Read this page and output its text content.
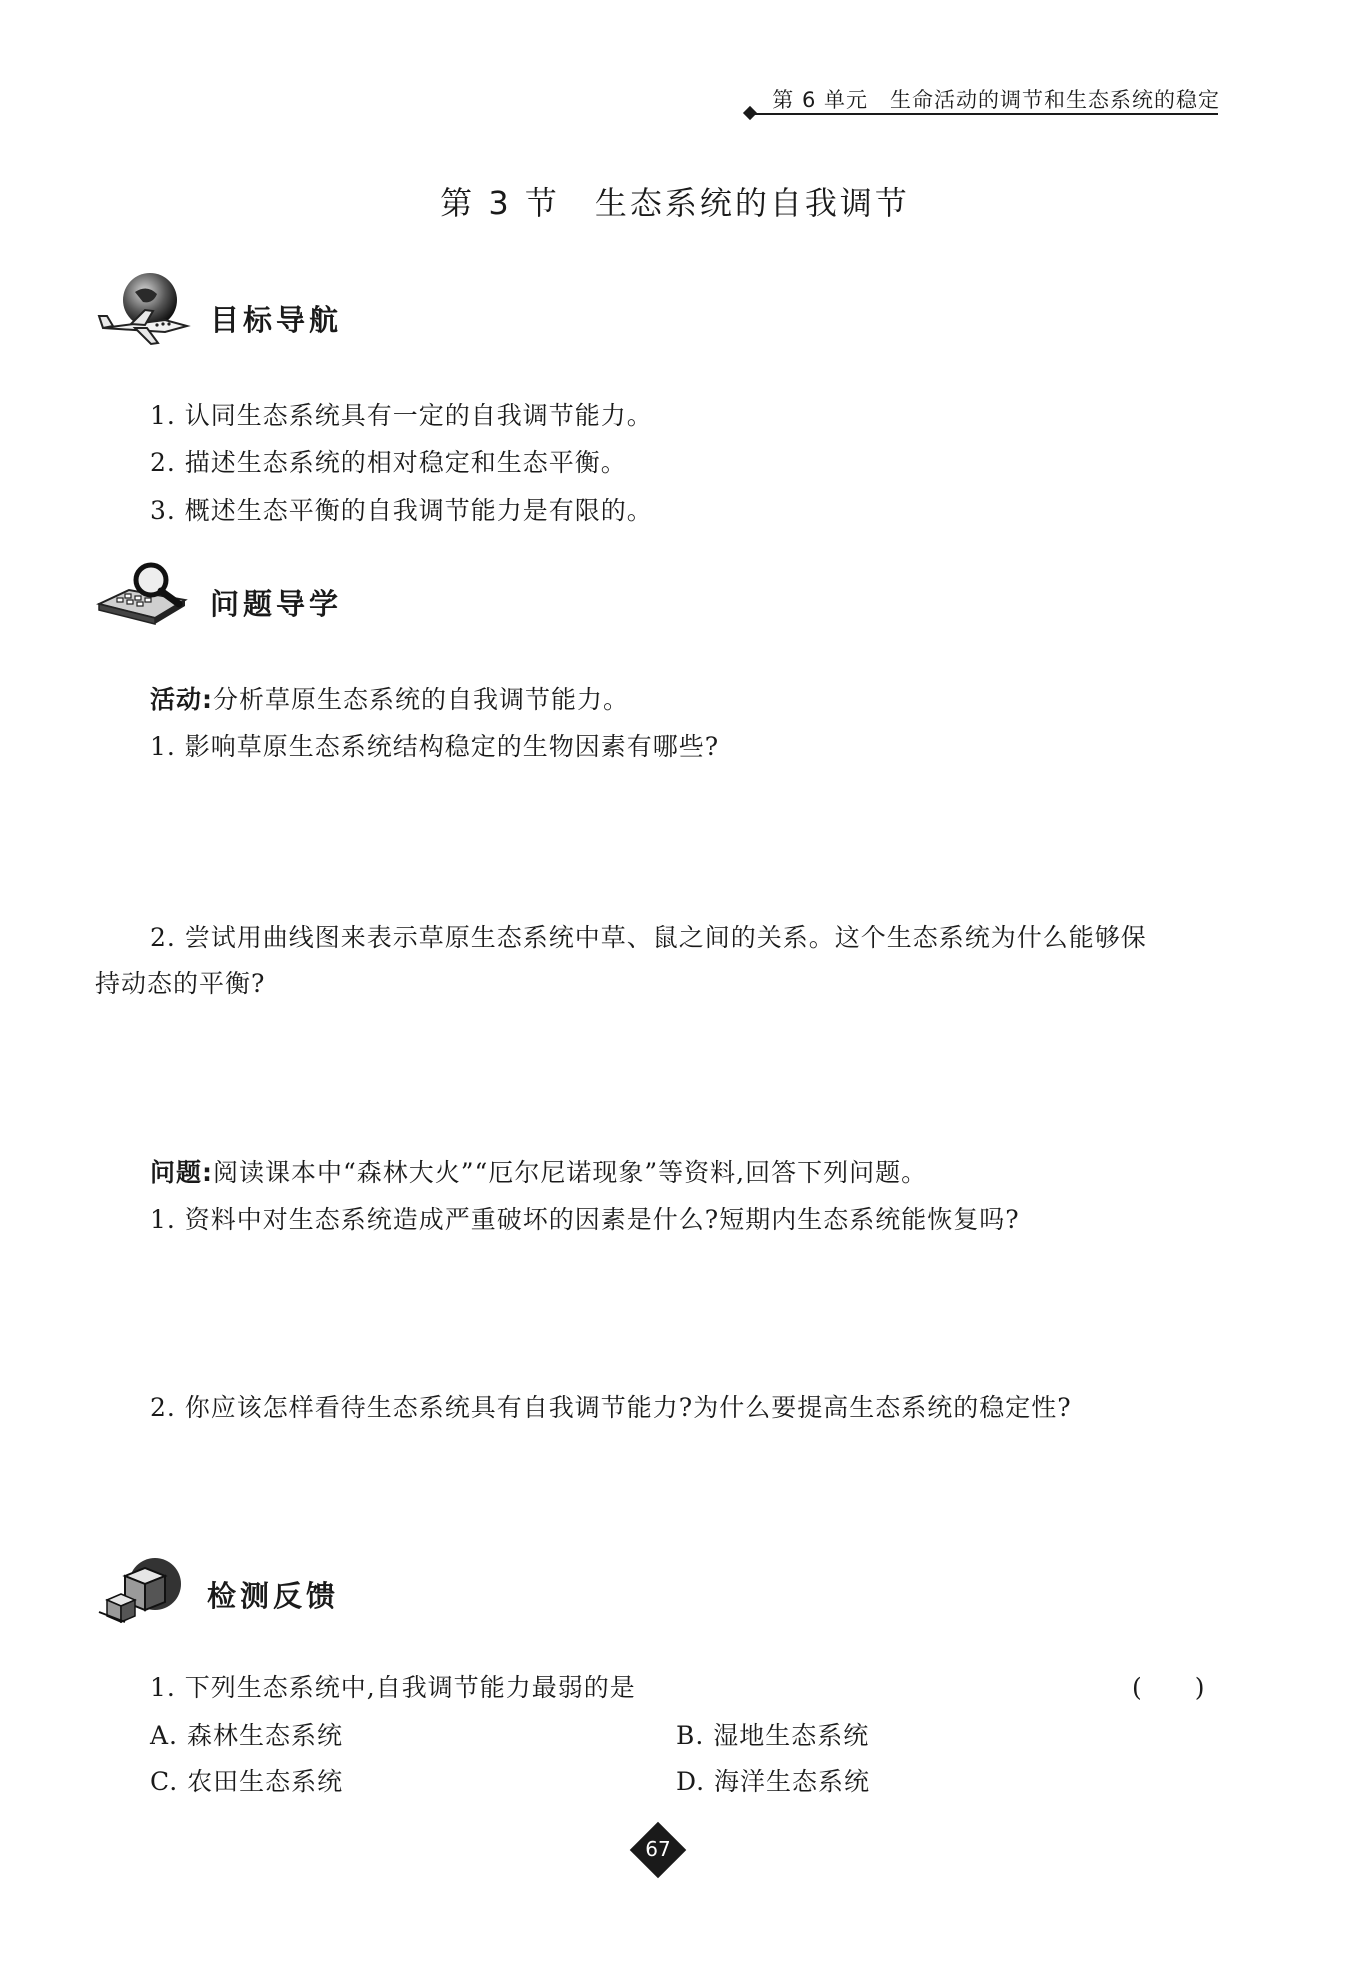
第 6 单元　生命活动的调节和生态系统的稳定
第 3 节　生态系统的自我调节
目标导航
1. 认同生态系统具有一定的自我调节能力。
2. 描述生态系统的相对稳定和生态平衡。
3. 概述生态平衡的自我调节能力是有限的。
问题导学
活动:分析草原生态系统的自我调节能力。
1. 影响草原生态系统结构稳定的生物因素有哪些?
2. 尝试用曲线图来表示草原生态系统中草、鼠之间的关系。这个生态系统为什么能够保
持动态的平衡?
问题:阅读课本中“森林大火”“厄尔尼诺现象”等资料,回答下列问题。
1. 资料中对生态系统造成严重破坏的因素是什么?短期内生态系统能恢复吗?
2. 你应该怎样看待生态系统具有自我调节能力?为什么要提高生态系统的稳定性?
检测反馈
1. 下列生态系统中,自我调节能力最弱的是	(　　)
A. 森林生态系统	B. 湿地生态系统
C. 农田生态系统	D. 海洋生态系统
67
